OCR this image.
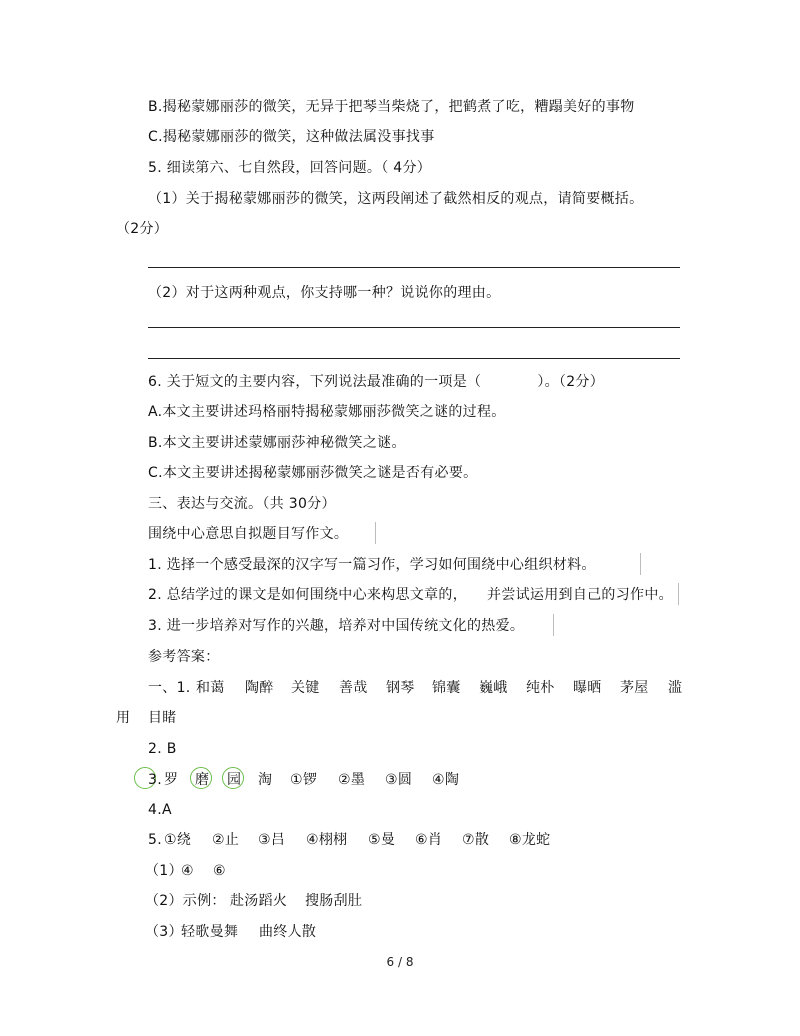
B.揭秘蒙娜丽莎的微笑，无异于把琴当柴烧了，把鹤煮了吃，糟蹋美好的事物
C.揭秘蒙娜丽莎的微笑，这种做法属没事找事
5. 细读第六、七自然段，回答问题。（ 4分）
（1）关于揭秘蒙娜丽莎的微笑，这两段阐述了截然相反的观点，请简要概括。
（2分）
（2）对于这两种观点，你支持哪一种？说说你的理由。
6. 关于短文的主要内容，下列说法最准确的一项是（	）。（2分）
A.本文主要讲述玛格丽特揭秘蒙娜丽莎微笑之谜的过程。
B.本文主要讲述蒙娜丽莎神秘微笑之谜。
C.本文主要讲述揭秘蒙娜丽莎微笑之谜是否有必要。
三、表达与交流。（共 30分）
围绕中心意思自拟题目写作文。
1. 选择一个感受最深的汉字写一篇习作，学习如何围绕中心组织材料。
2. 总结学过的课文是如何围绕中心来构思文章的， 并尝试运用到自己的习作中。
3. 进一步培养对写作的兴趣，培养对中国传统文化的热爱。
参考答案：
一、1. 和蔼 陶醉 关键 善哉 钢琴 锦囊 巍峨 纯朴 曝晒 茅屋 滥
用 目睹
2. B
3. 罗 磨 园 淘 ①锣 ②墨 ③圆 ④陶
4.A
5. ①绕 ②止 ③吕 ④栩栩 ⑤曼 ⑥肖 ⑦散 ⑧龙蛇
（1）
④ ⑥
（2）示例： 赴汤蹈火 搜肠刮肚
（3）
轻歌曼舞 曲终人散
6 / 8
